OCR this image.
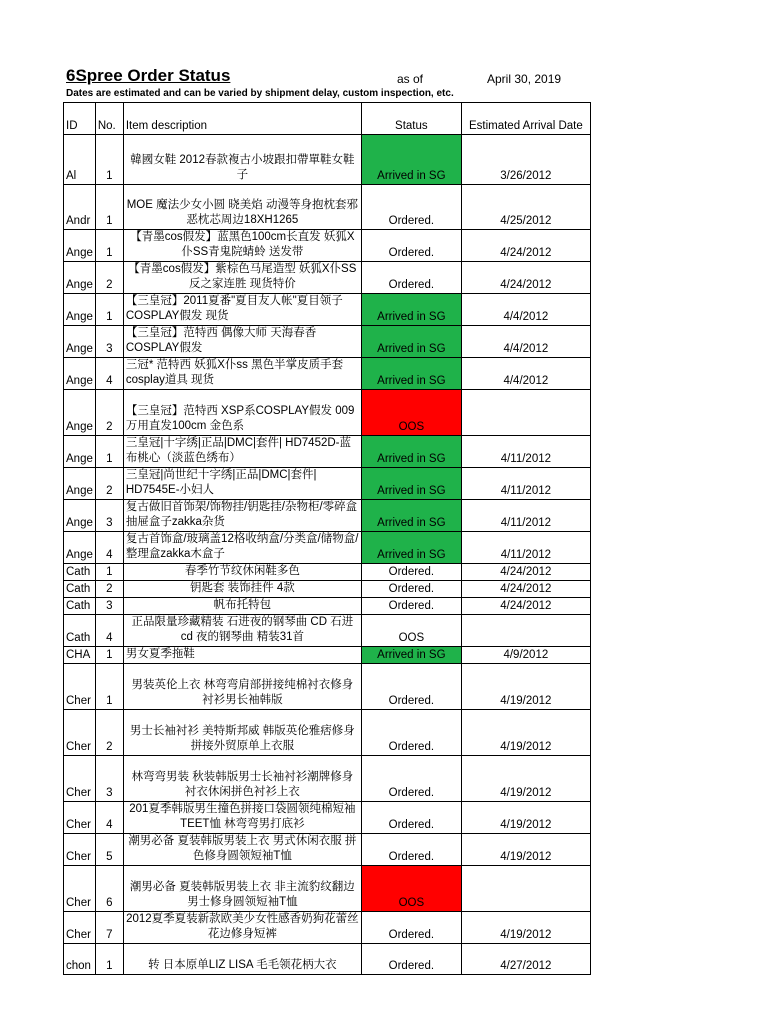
6Spree Order Status	as of	April 30, 2019
Dates are estimated and can be varied by shipment delay, custom inspection, etc.
ID	No.	Item description	Status	Estimated Arrival Date
Al	1	韓國女鞋 2012春款複古小坡跟扣帶單鞋女鞋子	Arrived in SG	3/26/2012
Andr	1	MOE 魔法少女小圆 晓美焰 动漫等身抱枕套邪恶枕芯周边18XH1265	Ordered.	4/25/2012
Ange	1	【青墨cos假发】蓝黑色100cm长直发 妖狐X仆SS青鬼院蜻蛉 送发带	Ordered.	4/24/2012
Ange	2	【青墨cos假发】紫棕色马尾造型 妖狐X仆SS 反之家连胜 现货特价	Ordered.	4/24/2012
Ange	1	【三皇冠】2011夏番"夏目友人帐"夏目领子 COSPLAY假发 现货	Arrived in SG	4/4/2012
Ange	3	【三皇冠】范特西 偶像大师 天海春香 COSPLAY假发	Arrived in SG	4/4/2012
Ange	4	三冠* 范特西 妖狐X仆ss 黑色半掌皮质手套 cosplay道具 现货	Arrived in SG	4/4/2012
Ange	2	【三皇冠】范特西 XSP系COSPLAY假发 009万用直发100cm 金色系	OOS	
Ange	1	三皇冠|十字绣|正品|DMC|套件| HD7452D-蓝布桃心（淡蓝色绣布）	Arrived in SG	4/11/2012
Ange	2	三皇冠|尚世纪十字绣|正品|DMC|套件| HD7545E-小妇人	Arrived in SG	4/11/2012
Ange	3	复古做旧首饰架/饰物挂/钥匙挂/杂物柜/零碎盒抽屉盒子zakka杂货	Arrived in SG	4/11/2012
Ange	4	复古首饰盒/玻璃盖12格收纳盒/分类盒/储物盒/整理盒zakka木盒子	Arrived in SG	4/11/2012
Cath	1	春季竹节纹休闲鞋多色	Ordered.	4/24/2012
Cath	2	钥匙套 装饰挂件 4款	Ordered.	4/24/2012
Cath	3	帆布托特包	Ordered.	4/24/2012
Cath	4	正品限量珍藏精装 石进夜的钢琴曲 CD 石进cd 夜的钢琴曲 精装31首	OOS	
CHA	1	男女夏季拖鞋	Arrived in SG	4/9/2012
Cher	1	男装英伦上衣 林弯弯肩部拼接纯棉衬衣修身衬衫男长袖韩版	Ordered.	4/19/2012
Cher	2	男士长袖衬衫 美特斯邦威 韩版英伦雅痞修身拼接外贸原单上衣服	Ordered.	4/19/2012
Cher	3	林弯弯男装 秋装韩版男士长袖衬衫潮牌修身衬衣休闲拼色衬衫上衣	Ordered.	4/19/2012
Cher	4	201夏季韩版男生撞色拼接口袋圆领纯棉短袖TEET恤 林弯弯男打底衫	Ordered.	4/19/2012
Cher	5	潮男必备 夏装韩版男装上衣 男式休闲衣服 拼色修身圆领短袖T恤	Ordered.	4/19/2012
Cher	6	潮男必备 夏装韩版男装上衣 非主流豹纹翻边男士修身圆领短袖T恤	OOS	
Cher	7	2012夏季夏装新款欧美少女性感香奶狗花蕾丝花边修身短裤	Ordered.	4/19/2012
chon	1	转 日本原单LIZ LISA 毛毛领花柄大衣	Ordered.	4/27/2012
